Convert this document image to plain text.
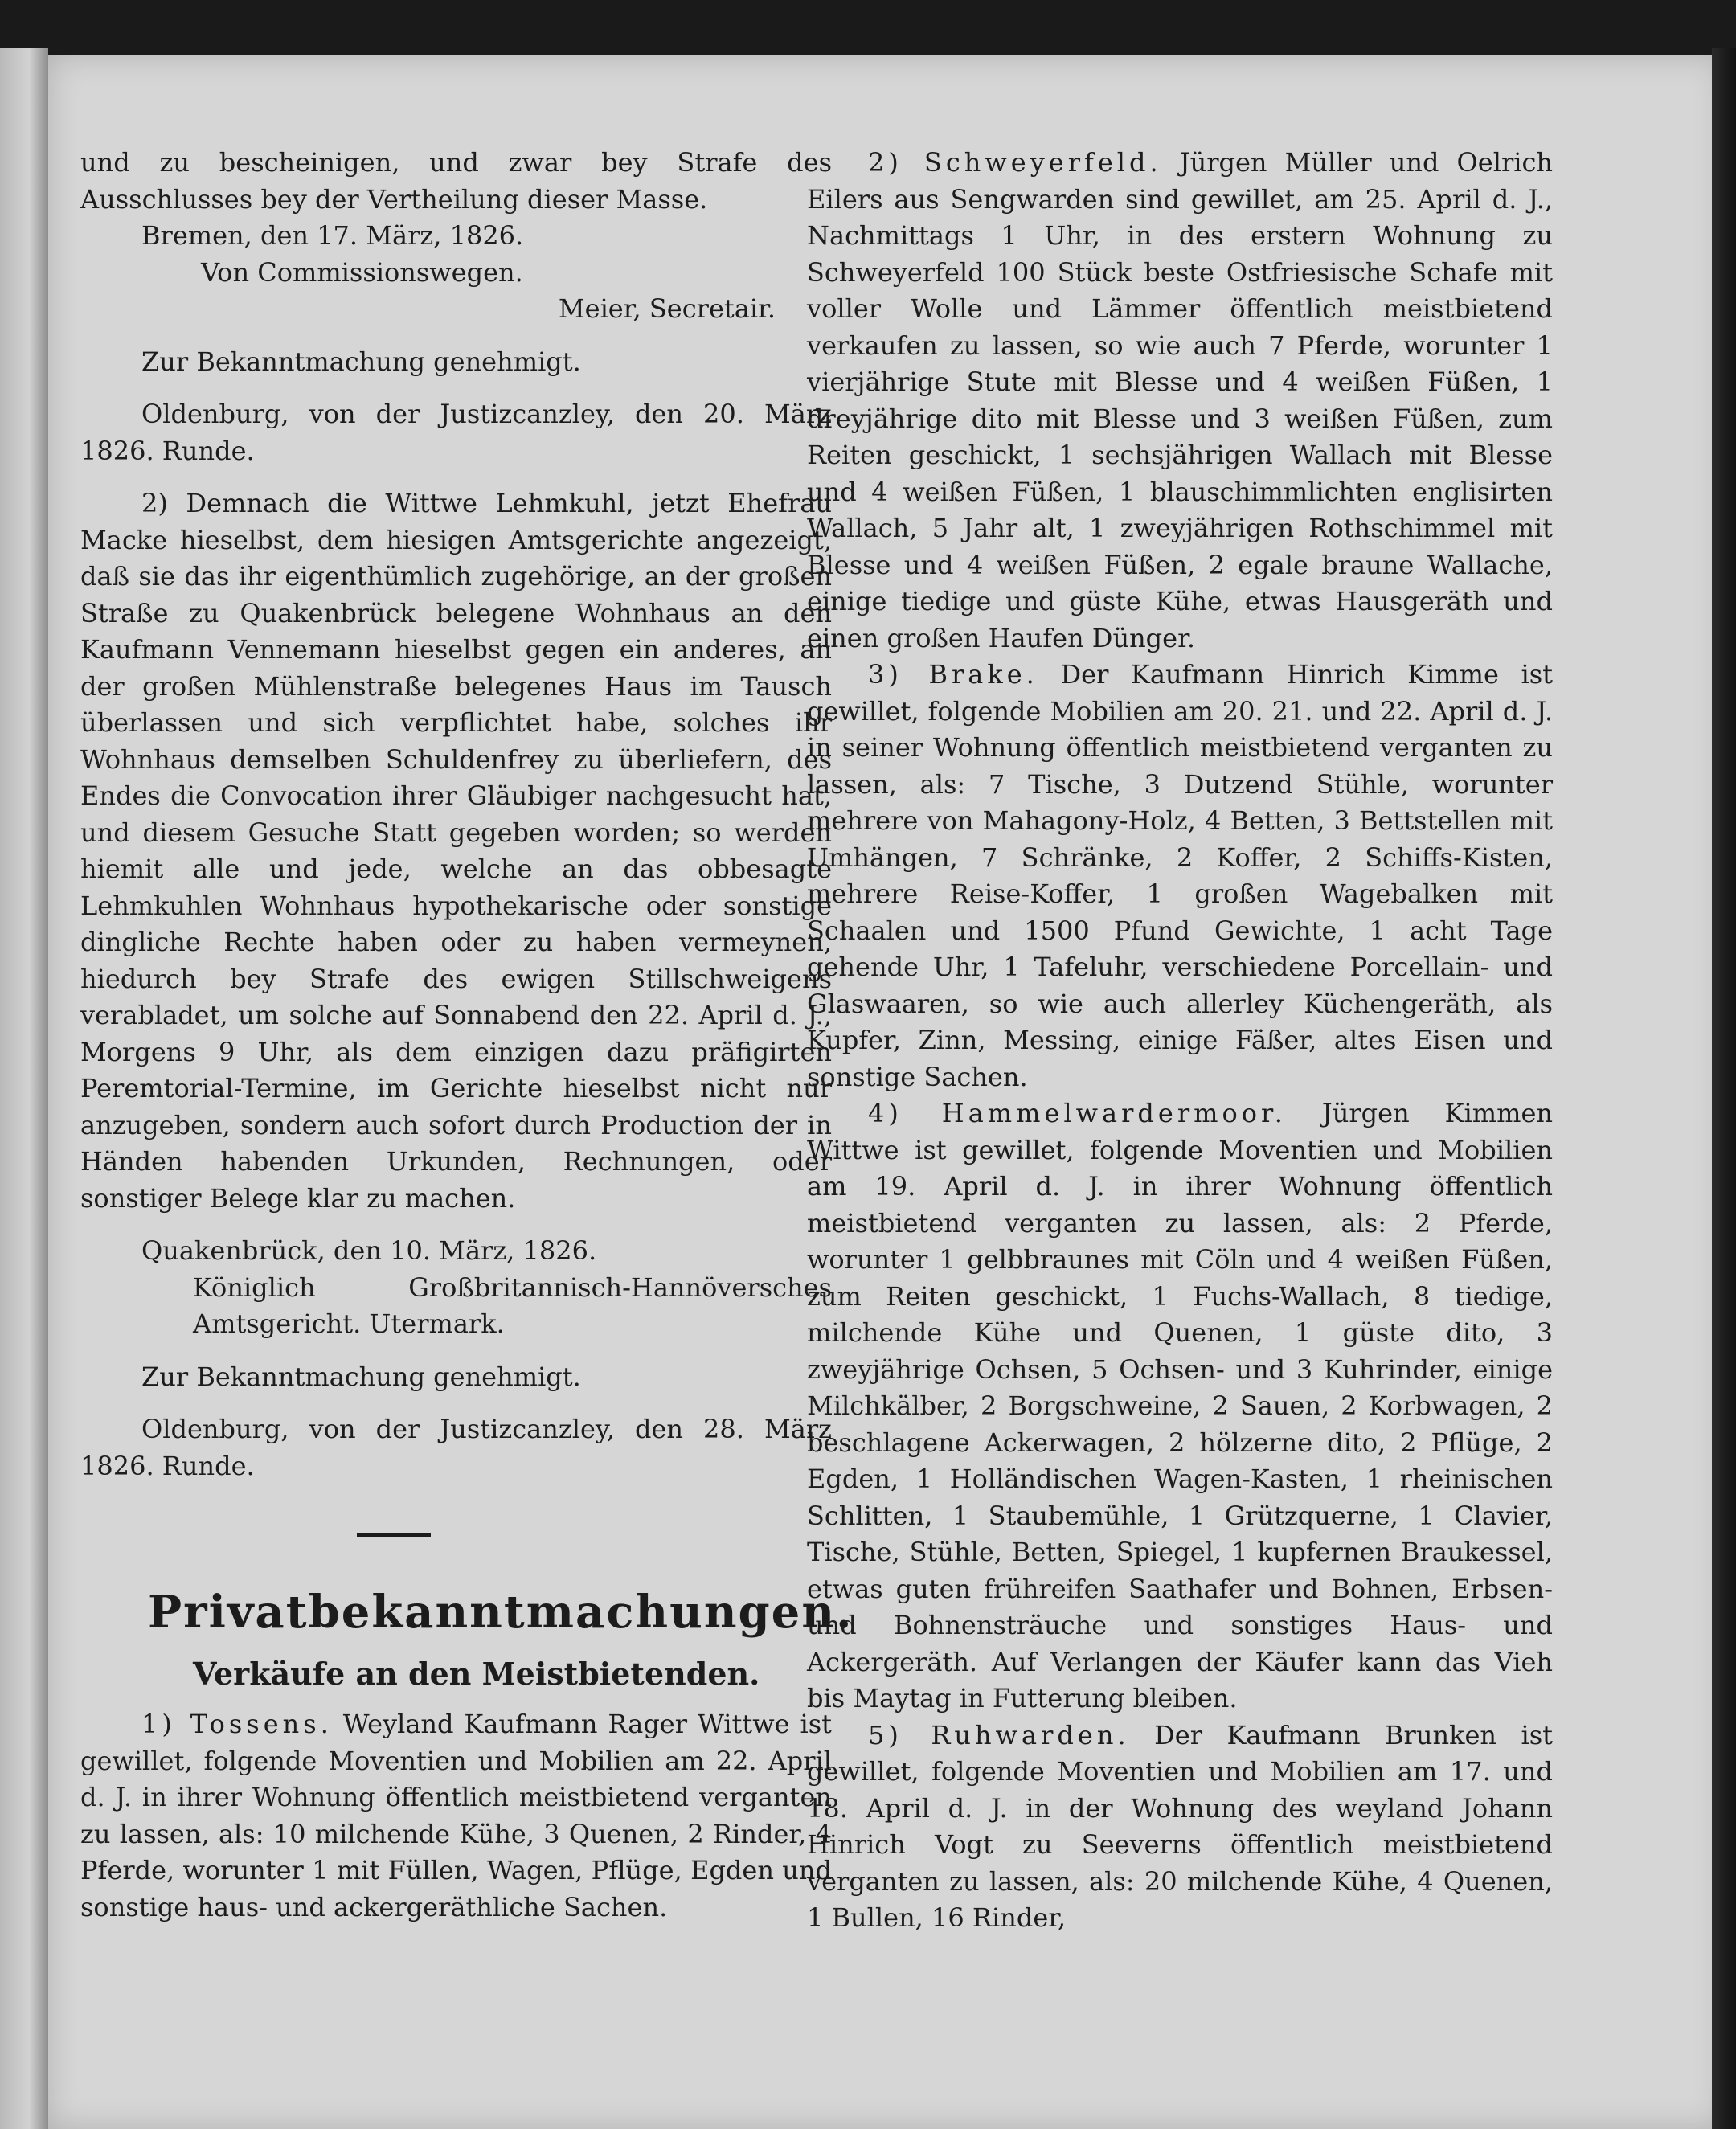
und zu bescheinigen, und zwar bey Strafe des Ausschlusses bey der Vertheilung dieser Masse.

Bremen, den 17. März, 1826.

Von Commissionswegen.

Meier, Secretair.

Zur Bekanntmachung genehmigt.

Oldenburg, von der Justizcanzley, den 20. März 1826. Runde.

2) Demnach die Wittwe Lehmkuhl, jetzt Ehefrau Macke hieselbst, dem hiesigen Amtsgerichte angezeigt, daß sie das ihr eigenthümlich zugehörige, an der großen Straße zu Quakenbrück belegene Wohnhaus an den Kaufmann Vennemann hieselbst gegen ein anderes, an der großen Mühlenstraße belegenes Haus im Tausch überlassen und sich verpflichtet habe, solches ihr Wohnhaus demselben Schuldenfrey zu überliefern, des Endes die Convocation ihrer Gläubiger nachgesucht hat, und diesem Gesuche Statt gegeben worden; so werden hiemit alle und jede, welche an das obbesagte Lehmkuhlen Wohnhaus hypothekarische oder sonstige dingliche Rechte haben oder zu haben vermeynen, hiedurch bey Strafe des ewigen Stillschweigens verabladet, um solche auf Sonnabend den 22. April d. J., Morgens 9 Uhr, als dem einzigen dazu präfigirten Peremtorial-Termine, im Gerichte hieselbst nicht nur anzugeben, sondern auch sofort durch Production der in Händen habenden Urkunden, Rechnungen, oder sonstiger Belege klar zu machen.

Quakenbrück, den 10. März, 1826.

Königlich Großbritannisch-Hannöversches Amtsgericht. Utermark.

Zur Bekanntmachung genehmigt.

Oldenburg, von der Justizcanzley, den 28. März 1826. Runde.

Privatbekanntmachungen.

Verkäufe an den Meistbietenden.

1) Tossens. Weyland Kaufmann Rager Wittwe ist gewillet, folgende Moventien und Mobilien am 22. April d. J. in ihrer Wohnung öffentlich meistbietend verganten zu lassen, als: 10 milchende Kühe, 3 Quenen, 2 Rinder, 4 Pferde, worunter 1 mit Füllen, Wagen, Pflüge, Egden und sonstige haus- und ackergeräthliche Sachen.

2) Schweyerfeld. Jürgen Müller und Oelrich Eilers aus Sengwarden sind gewillet, am 25. April d. J., Nachmittags 1 Uhr, in des erstern Wohnung zu Schweyerfeld 100 Stück beste Ostfriesische Schafe mit voller Wolle und Lämmer öffentlich meistbietend verkaufen zu lassen, so wie auch 7 Pferde, worunter 1 vierjährige Stute mit Blesse und 4 weißen Füßen, 1 dreyjährige dito mit Blesse und 3 weißen Füßen, zum Reiten geschickt, 1 sechsjährigen Wallach mit Blesse und 4 weißen Füßen, 1 blauschimmlichten englisirten Wallach, 5 Jahr alt, 1 zweyjährigen Rothschimmel mit Blesse und 4 weißen Füßen, 2 egale braune Wallache, einige tiedige und güste Kühe, etwas Hausgeräth und einen großen Haufen Dünger.

3) Brake. Der Kaufmann Hinrich Kimme ist gewillet, folgende Mobilien am 20. 21. und 22. April d. J. in seiner Wohnung öffentlich meistbietend verganten zu lassen, als: 7 Tische, 3 Dutzend Stühle, worunter mehrere von Mahagony-Holz, 4 Betten, 3 Bettstellen mit Umhängen, 7 Schränke, 2 Koffer, 2 Schiffs-Kisten, mehrere Reise-Koffer, 1 großen Wagebalken mit Schaalen und 1500 Pfund Gewichte, 1 acht Tage gehende Uhr, 1 Tafeluhr, verschiedene Porcellain- und Glaswaaren, so wie auch allerley Küchengeräth, als Kupfer, Zinn, Messing, einige Fäßer, altes Eisen und sonstige Sachen.

4) Hammelwardermoor. Jürgen Kimmen Wittwe ist gewillet, folgende Moventien und Mobilien am 19. April d. J. in ihrer Wohnung öffentlich meistbietend verganten zu lassen, als: 2 Pferde, worunter 1 gelbbraunes mit Cöln und 4 weißen Füßen, zum Reiten geschickt, 1 Fuchs-Wallach, 8 tiedige, milchende Kühe und Quenen, 1 güste dito, 3 zweyjährige Ochsen, 5 Ochsen- und 3 Kuhrinder, einige Milchkälber, 2 Borgschweine, 2 Sauen, 2 Korbwagen, 2 beschlagene Ackerwagen, 2 hölzerne dito, 2 Pflüge, 2 Egden, 1 Holländischen Wagen-Kasten, 1 rheinischen Schlitten, 1 Staubemühle, 1 Grützquerne, 1 Clavier, Tische, Stühle, Betten, Spiegel, 1 kupfernen Braukessel, etwas guten frühreifen Saathafer und Bohnen, Erbsen- und Bohnensträuche und sonstiges Haus- und Ackergeräth. Auf Verlangen der Käufer kann das Vieh bis Maytag in Futterung bleiben.

5) Ruhwarden. Der Kaufmann Brunken ist gewillet, folgende Moventien und Mobilien am 17. und 18. April d. J. in der Wohnung des weyland Johann Hinrich Vogt zu Seeverns öffentlich meistbietend verganten zu lassen, als: 20 milchende Kühe, 4 Quenen, 1 Bullen, 16 Rinder,
